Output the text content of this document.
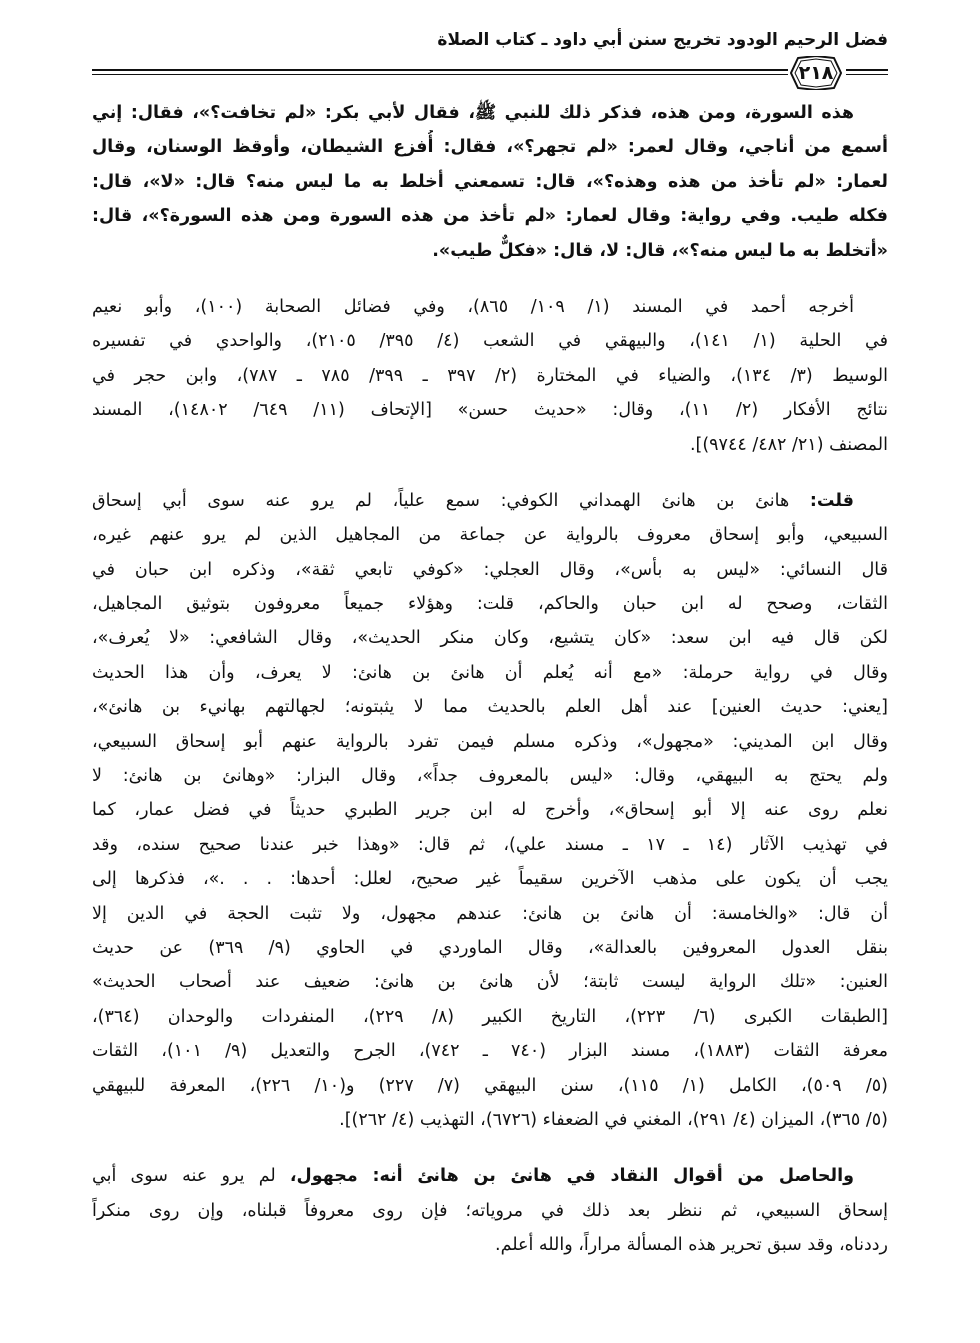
فضل الرحيم الودود تخريج سنن أبي داود ـ كتاب الصلاة
٢١٨
هذه السورة، ومن هذه، فذكر ذلك للنبي ﷺ، فقال لأبي بكر: «لم تخافت؟»، فقال: إني
أسمع من أناجي، وقال لعمر: «لم تجهر؟»، فقال: أُفزع الشيطان، وأوقظ الوسنان، وقال
لعمار: «لم تأخذ من هذه وهذه؟»، قال: تسمعني أخلط به ما ليس منه؟ قال: «لا»، قال:
فكله طيب. وفي رواية: وقال لعمار: «لم تأخذ من هذه السورة ومن هذه السورة؟»، قال:
«أتخلط به ما ليس منه؟»، قال: لا، قال: «فكلٌّ طيب».
أخرجه أحمد في المسند (١/ ١٠٩/ ٨٦٥)، وفي فضائل الصحابة (١٠٠)، وأبو نعيم
في الحلية (١/ ١٤١)، والبيهقي في الشعب (٤/ ٣٩٥/ ٢١٠٥)، والواحدي في تفسيره
الوسيط (٣/ ١٣٤)، والضياء في المختارة (٢/ ٣٩٧ ـ ٣٩٩/ ٧٨٥ ـ ٧٨٧)، وابن حجر في
نتائج الأفكار (٢/ ١١)، وقال: «حديث حسن» [الإتحاف (١١/ ٦٤٩/ ١٤٨٠٢)، المسند
المصنف (٢١/ ٤٨٢/ ٩٧٤٤)].
قلت: هانئ بن هانئ الهمداني الكوفي: سمع علياً، لم يرو عنه سوى أبي إسحاق
السبيعي، وأبو إسحاق معروف بالرواية عن جماعة من المجاهيل الذين لم يرو عنهم غيره،
قال النسائي: «ليس به بأس»، وقال العجلي: «كوفي تابعي ثقة»، وذكره ابن حبان في
الثقات، وصحح له ابن حبان والحاكم، قلت: وهؤلاء جميعاً معروفون بتوثيق المجاهيل،
لكن قال فيه ابن سعد: «كان يتشيع، وكان منكر الحديث»، وقال الشافعي: «لا يُعرف»،
وقال في رواية حرملة: «مع أنه يُعلم أن هانئ بن هانئ: لا يعرف، وأن هذا الحديث
[يعني: حديث العنين] عند أهل العلم بالحديث مما لا يثبتونه؛ لجهالتهم بهانيء بن هانئ»،
وقال ابن المديني: «مجهول»، وذكره مسلم فيمن تفرد بالرواية عنهم أبو إسحاق السبيعي،
ولم يحتج به البيهقي، وقال: «ليس بالمعروف جداً»، وقال البزار: «وهانئ بن هانئ: لا
نعلم روى عنه إلا أبو إسحاق»، وأخرج له ابن جرير الطبري حديثاً في فضل عمار، كما
في تهذيب الآثار (١٤ ـ ١٧ ـ مسند علي)، ثم قال: «وهذا خبر عندنا صحيح سنده، وقد
يجب أن يكون على مذهب الآخرين سقيماً غير صحيح، لعلل: أحدها: . . .»، فذكرها إلى
أن قال: «والخامسة: أن هانئ بن هانئ: عندهم مجهول، ولا تثبت الحجة في الدين إلا
بنقل العدول المعروفين بالعدالة»، وقال الماوردي في الحاوي (٩/ ٣٦٩) عن حديث
العنين: «تلك الرواية ليست ثابتة؛ لأن هانئ بن هانئ: ضعيف عند أصحاب الحديث»
[الطبقات الكبرى (٦/ ٢٢٣)، التاريخ الكبير (٨/ ٢٢٩)، المنفردات والوحدان (٣٦٤)،
معرفة الثقات (١٨٨٣)، مسند البزار (٧٤٠ ـ ٧٤٢)، الجرح والتعديل (٩/ ١٠١)، الثقات
(٥/ ٥٠٩)، الكامل (١/ ١١٥)، سنن البيهقي (٧/ ٢٢٧) و(١٠/ ٢٢٦)، المعرفة للبيهقي
(٥/ ٣٦٥)، الميزان (٤/ ٢٩١)، المغني في الضعفاء (٦٧٢٦)، التهذيب (٤/ ٢٦٢)].
والحاصل من أقوال النقاد في هانئ بن هانئ أنه: مجهول، لم يرو عنه سوى أبي
إسحاق السبيعي، ثم ننظر بعد ذلك في مروياته؛ فإن روى معروفاً قبلناه، وإن روى منكراً
رددناه، وقد سبق تحرير هذه المسألة مراراً، والله أعلم.
